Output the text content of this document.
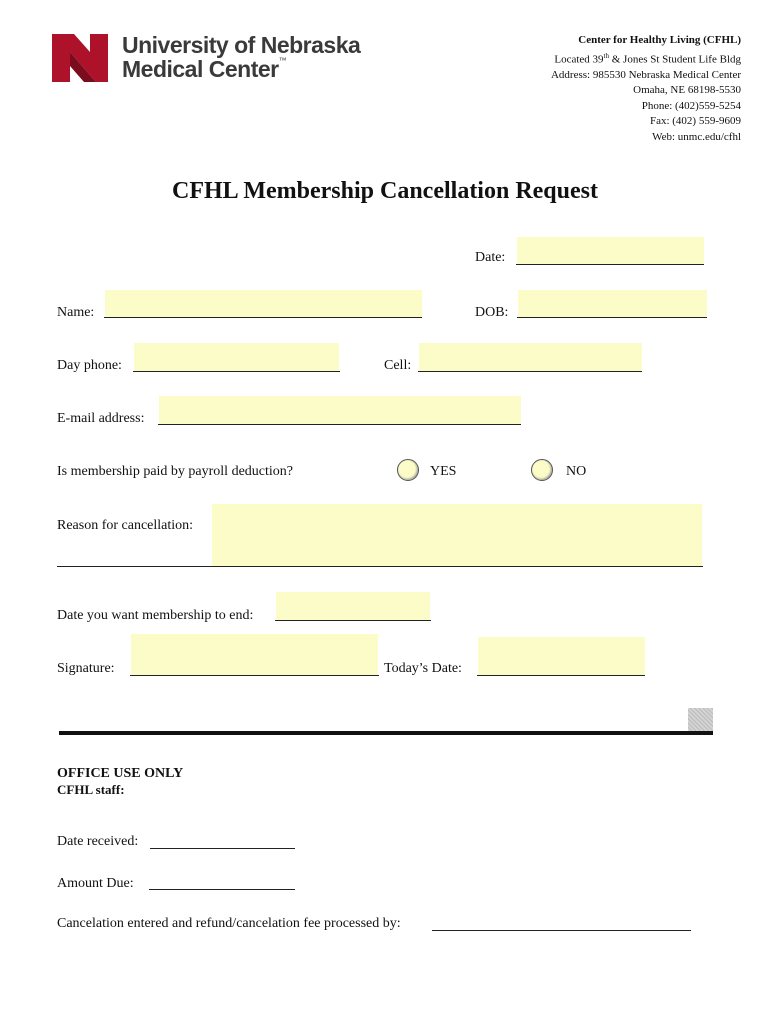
University of Nebraska
Medical Center™
Center for Healthy Living (CFHL)
Located 39th & Jones St Student Life Bldg
Address: 985530 Nebraska Medical Center
Omaha, NE 68198-5530
Phone: (402)559-5254
Fax: (402) 559-9609
Web: unmc.edu/cfhl
CFHL Membership Cancellation Request
Date:
Name:	DOB:
Day phone:	Cell:
E-mail address:
Is membership paid by payroll deduction?	YES	NO
Reason for cancellation:
Date you want membership to end:
Signature:	Today’s Date:
OFFICE USE ONLY
CFHL staff:
Date received:
Amount Due:
Cancelation entered and refund/cancelation fee processed by:
